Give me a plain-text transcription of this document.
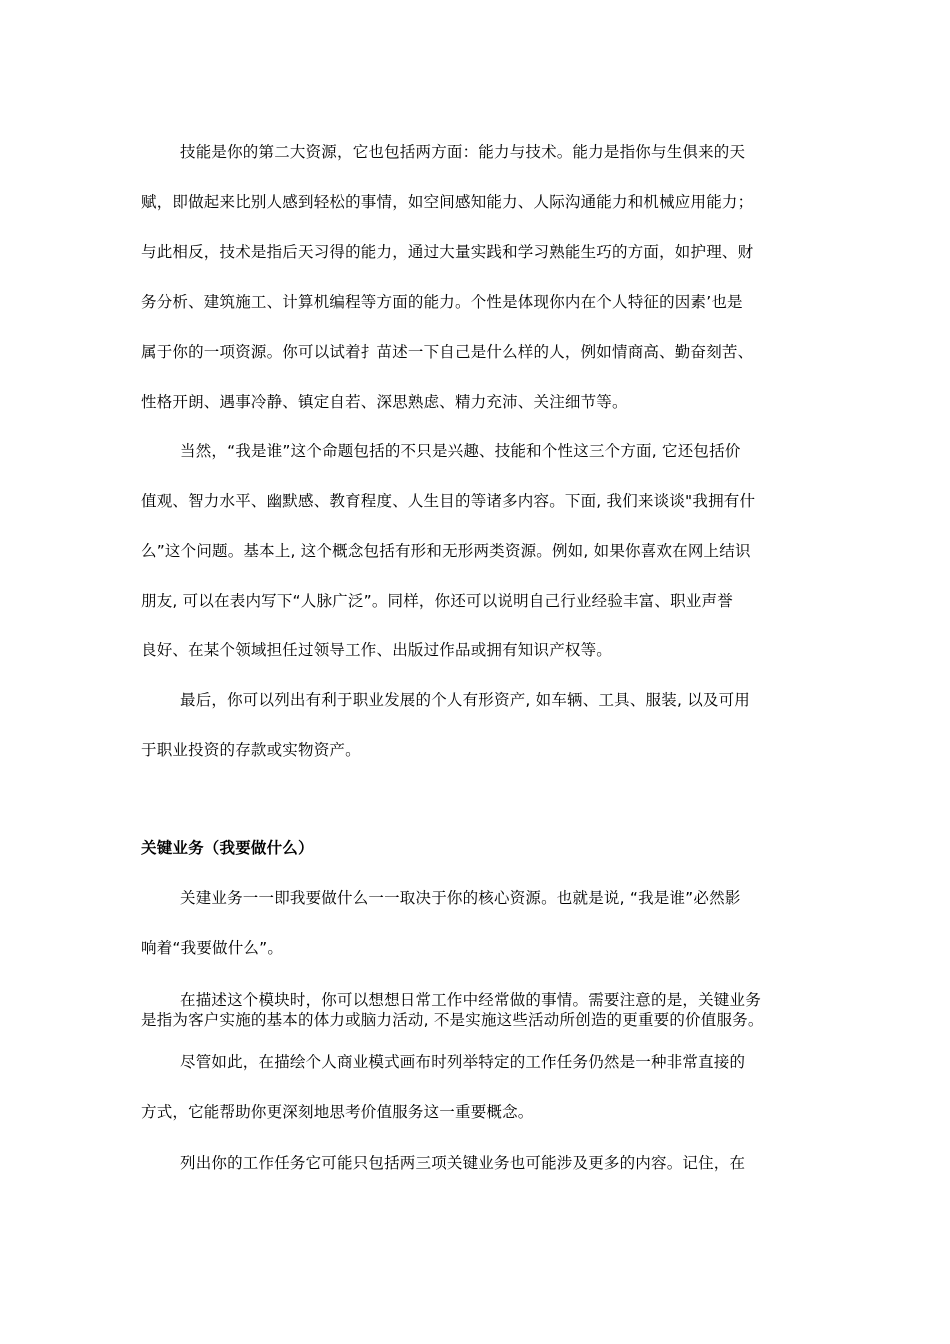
技能是你的第二大资源，它也包括两方面：能力与技术。能力是指你与生俱来的天
赋，即做起来比别人感到轻松的事情，如空间感知能力、人际沟通能力和机械应用能力；
与此相反，技术是指后天习得的能力，通过大量实践和学习熟能生巧的方面，如护理、财
务分析、建筑施工、计算机编程等方面的能力。个性是体现你内在个人特征的因素’也是
属于你的一项资源。你可以试着扌苗述一下自己是什么样的人，例如情商高、勤奋刻苦、
性格开朗、遇事冷静、镇定自若、深思熟虑、精力充沛、关注细节等。
当然，“我是谁”这个命题包括的不只是兴趣、技能和个性这三个方面, 它还包括价
值观、智力水平、幽默感、教育程度、人生目的等诸多内容。下面, 我们来谈谈"我拥有什
么”这个问题。基本上, 这个概念包括有形和无形两类资源。例如, 如果你喜欢在网上结识
朋友, 可以在表内写下“人脉广泛”。同样，你还可以说明自己行业经验丰富、职业声誉
良好、在某个领域担任过领导工作、出版过作品或拥有知识产权等。
最后，你可以列出有利于职业发展的个人有形资产, 如车辆、工具、服装, 以及可用
于职业投资的存款或实物资产。
关键业务（我要做什么）
关建业务一一即我要做什么一一取决于你的核心资源。也就是说, “我是谁”必然影
响着“我要做什么”。
在描述这个模块时，你可以想想日常工作中经常做的事情。需要注意的是，关键业务
是指为客户实施的基本的体力或脑力活动, 不是实施这些活动所创造的更重要的价值服务。
尽管如此，在描绘个人商业模式画布时列举特定的工作任务仍然是一种非常直接的
方式，它能帮助你更深刻地思考价值服务这一重要概念。
列出你的工作任务它可能只包括两三项关键业务也可能涉及更多的内容。记住，在
